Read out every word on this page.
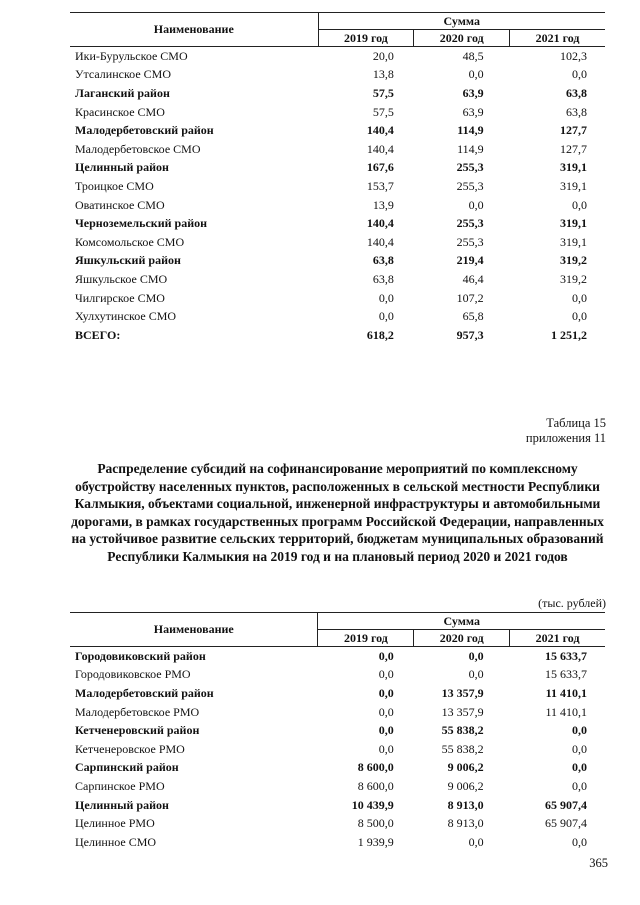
Наименование	Сумма		
	2019 год	2020 год	2021 год
Ики-Бурульское СМО	20,0	48,5	102,3
Утсалинское СМО	13,8	0,0	0,0
Лаганский район	57,5	63,9	63,8
Красинское СМО	57,5	63,9	63,8
Малодербетовский район	140,4	114,9	127,7
Малодербетовское СМО	140,4	114,9	127,7
Целинный район	167,6	255,3	319,1
Троицкое СМО	153,7	255,3	319,1
Оватинское СМО	13,9	0,0	0,0
Черноземельский район	140,4	255,3	319,1
Комсомольское СМО	140,4	255,3	319,1
Яшкульский район	63,8	219,4	319,2
Яшкульское СМО	63,8	46,4	319,2
Чилгирское СМО	0,0	107,2	0,0
Хулхутинское СМО	0,0	65,8	0,0
ВСЕГО:	618,2	957,3	1 251,2
Таблица 15
приложения 11
Распределение субсидий на софинансирование мероприятий по комплексному обустройству населенных пунктов, расположенных в сельской местности Республики Калмыкия, объектами социальной, инженерной инфраструктуры и автомобильными дорогами, в рамках государственных программ Российской Федерации, направленных на устойчивое развитие сельских территорий, бюджетам муниципальных образований Республики Калмыкия на 2019 год и на плановый период 2020 и 2021 годов
(тыс. рублей)
Наименование	Сумма		
	2019 год	2020 год	2021 год
Городовиковский район	0,0	0,0	15 633,7
Городовиковское РМО	0,0	0,0	15 633,7
Малодербетовский район	0,0	13 357,9	11 410,1
Малодербетовское РМО	0,0	13 357,9	11 410,1
Кетченеровский район	0,0	55 838,2	0,0
Кетченеровское РМО	0,0	55 838,2	0,0
Сарпинский район	8 600,0	9 006,2	0,0
Сарпинское РМО	8 600,0	9 006,2	0,0
Целинный район	10 439,9	8 913,0	65 907,4
Целинное РМО	8 500,0	8 913,0	65 907,4
Целинное СМО	1 939,9	0,0	0,0
365
